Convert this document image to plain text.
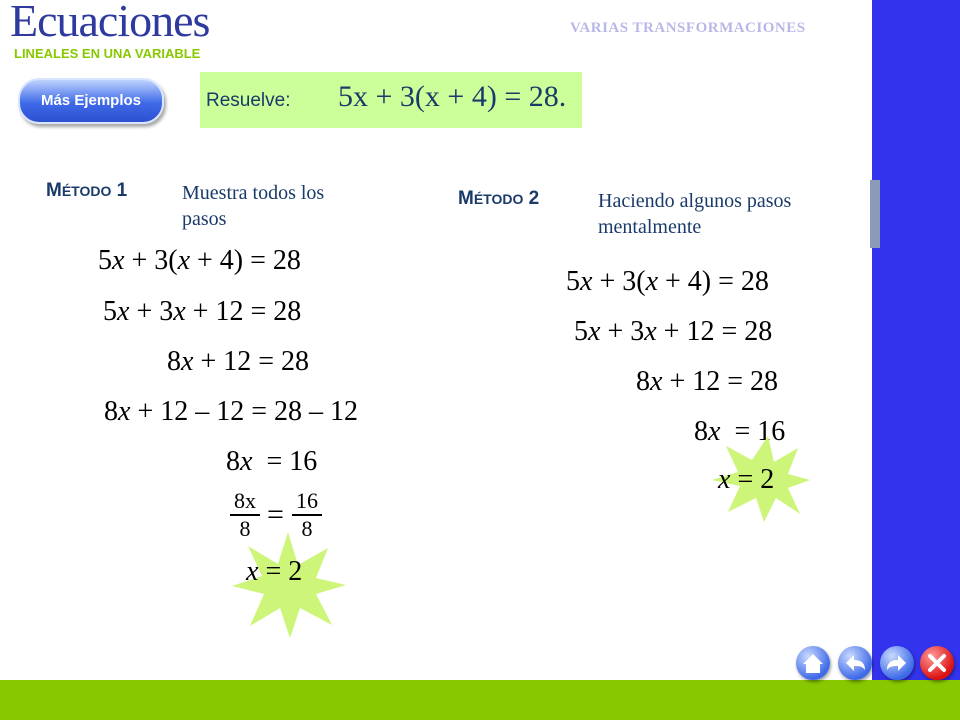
Ecuaciones
LINEALES EN UNA VARIABLE
VARIAS TRANSFORMACIONES
Más Ejemplos	Resuelve: 5x + 3(x + 4) = 28.
MÉTODO 1	Muestra todos los pasos
5x + 3(x + 4) = 28
5x + 3x + 12 = 28
8x + 12 = 28
8x + 12 – 12 = 28 – 12
8x  = 16
$\frac{8x}{8} = \frac{16}{8}$
x = 2
MÉTODO 2	Haciendo algunos pasos mentalmente
5x + 3(x + 4) = 28
5x + 3x + 12 = 28
8x + 12 = 28
8x  = 16
x = 2
